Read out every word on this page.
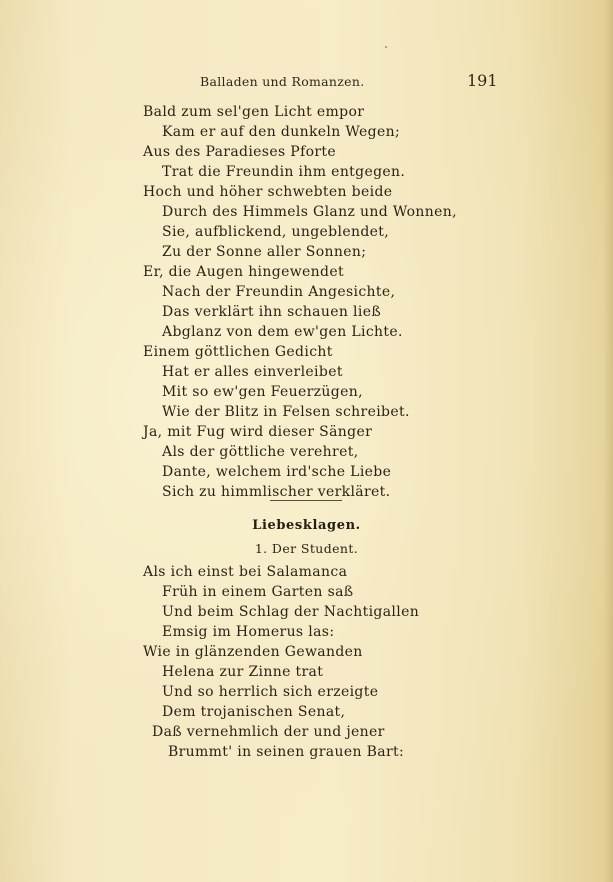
Balladen und Romanzen.	191
Bald zum sel'gen Licht empor
Kam er auf den dunkeln Wegen;
Aus des Paradieses Pforte
Trat die Freundin ihm entgegen.
Hoch und höher schwebten beide
Durch des Himmels Glanz und Wonnen,
Sie, aufblickend, ungeblendet,
Zu der Sonne aller Sonnen;
Er, die Augen hingewendet
Nach der Freundin Angesichte,
Das verklärt ihn schauen ließ
Abglanz von dem ew'gen Lichte.
Einem göttlichen Gedicht
Hat er alles einverleibet
Mit so ew'gen Feuerzügen,
Wie der Blitz in Felsen schreibet.
Ja, mit Fug wird dieser Sänger
Als der göttliche verehret,
Dante, welchem ird'sche Liebe
Sich zu himmlischer verkläret.
Liebesklagen.
1. Der Student.
Als ich einst bei Salamanca
Früh in einem Garten saß
Und beim Schlag der Nachtigallen
Emsig im Homerus las:
Wie in glänzenden Gewanden
Helena zur Zinne trat
Und so herrlich sich erzeigte
Dem trojanischen Senat,
Daß vernehmlich der und jener
Brummt' in seinen grauen Bart:
